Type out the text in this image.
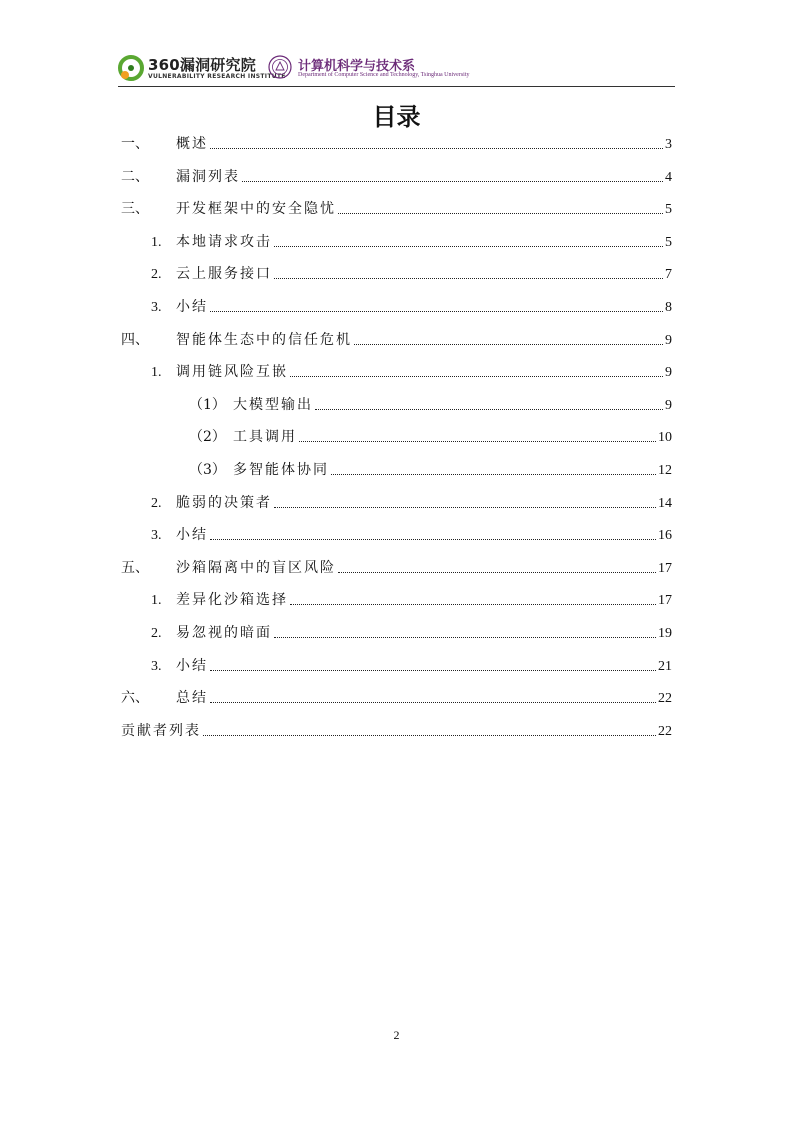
360漏洞研究院
VULNERABILITY RESEARCH INSTITUTE
计算机科学与技术系
Department of Computer Science and Technology, Tsinghua University
目录
一、	概述	3
二、	漏洞列表	4
三、	开发框架中的安全隐忧	5
1.	本地请求攻击	5
2.	云上服务接口	7
3.	小结	8
四、	智能体生态中的信任危机	9
1.	调用链风险互嵌	9
（1） 大模型输出	9
（2） 工具调用	10
（3） 多智能体协同	12
2.	脆弱的决策者	14
3.	小结	16
五、	沙箱隔离中的盲区风险	17
1.	差异化沙箱选择	17
2.	易忽视的暗面	19
3.	小结	21
六、	总结	22
贡献者列表	22
2
